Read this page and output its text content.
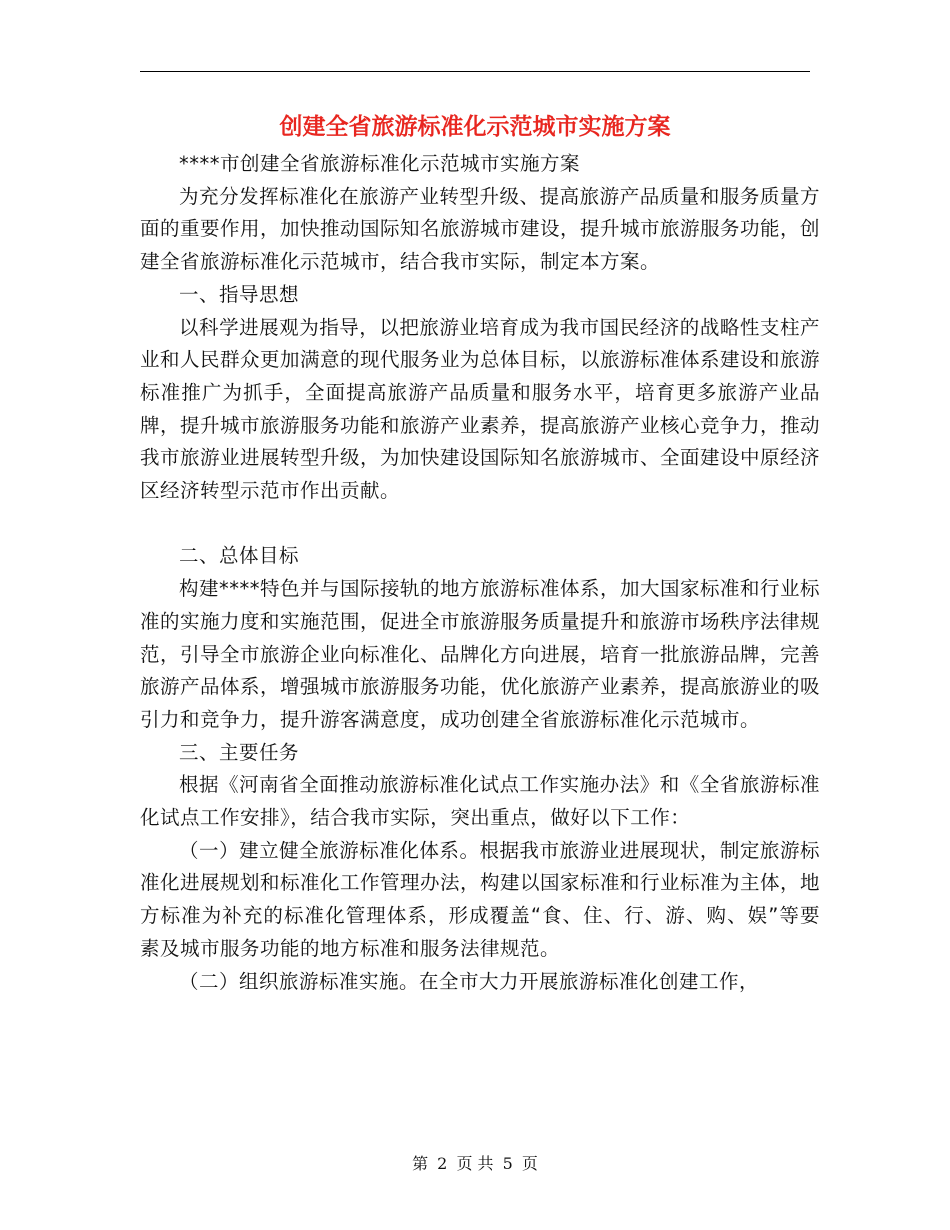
创建全省旅游标准化示范城市实施方案

****市创建全省旅游标准化示范城市实施方案

为充分发挥标准化在旅游产业转型升级、提高旅游产品质量和服务质量方面的重要作用，加快推动国际知名旅游城市建设，提升城市旅游服务功能，创建全省旅游标准化示范城市，结合我市实际，制定本方案。

一、指导思想

以科学进展观为指导，以把旅游业培育成为我市国民经济的战略性支柱产业和人民群众更加满意的现代服务业为总体目标，以旅游标准体系建设和旅游标准推广为抓手，全面提高旅游产品质量和服务水平，培育更多旅游产业品牌，提升城市旅游服务功能和旅游产业素养，提高旅游产业核心竞争力，推动我市旅游业进展转型升级，为加快建设国际知名旅游城市、全面建设中原经济区经济转型示范市作出贡献。

二、总体目标

构建****特色并与国际接轨的地方旅游标准体系，加大国家标准和行业标准的实施力度和实施范围，促进全市旅游服务质量提升和旅游市场秩序法律规范，引导全市旅游企业向标准化、品牌化方向进展，培育一批旅游品牌，完善旅游产品体系，增强城市旅游服务功能，优化旅游产业素养，提高旅游业的吸引力和竞争力，提升游客满意度，成功创建全省旅游标准化示范城市。

三、主要任务

根据《河南省全面推动旅游标准化试点工作实施办法》和《全省旅游标准化试点工作安排》，结合我市实际，突出重点，做好以下工作：

（一）建立健全旅游标准化体系。根据我市旅游业进展现状，制定旅游标准化进展规划和标准化工作管理办法，构建以国家标准和行业标准为主体，地方标准为补充的标准化管理体系，形成覆盖“食、住、行、游、购、娱”等要素及城市服务功能的地方标准和服务法律规范。

（二）组织旅游标准实施。在全市大力开展旅游标准化创建工作，

第 2 页 共 5 页
